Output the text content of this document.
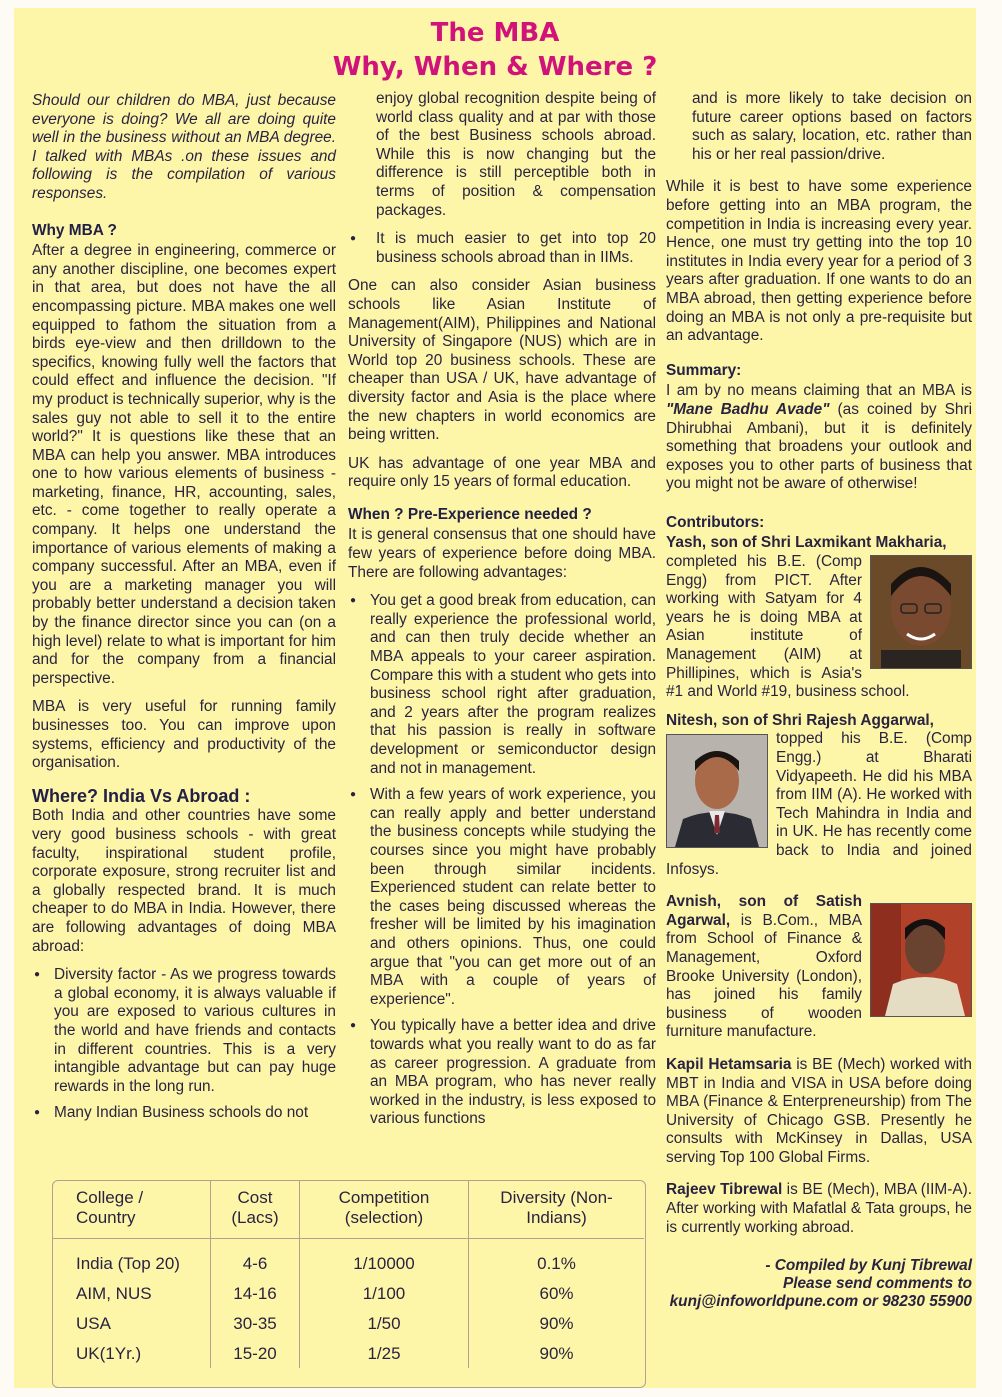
The MBA
Why, When & Where ?

Should our children do MBA, just because everyone is doing? We all are doing quite well in the business without an MBA degree. I talked with MBAs .on these issues and following is the compilation of various responses.

Why MBA ?

After a degree in engineering, commerce or any another discipline, one becomes expert in that area, but does not have the all encompassing picture. MBA makes one well equipped to fathom the situation from a birds eye-view and then drilldown to the specifics, knowing fully well the factors that could effect and influence the decision. "If my product is technically superior, why is the sales guy not able to sell it to the entire world?" It is questions like these that an MBA can help you answer. MBA introduces one to how various elements of business - marketing, finance, HR, accounting, sales, etc. - come together to really operate a company. It helps one understand the importance of various elements of making a company successful. After an MBA, even if you are a marketing manager you will probably better understand a decision taken by the finance director since you can (on a high level) relate to what is important for him and for the company from a financial perspective.

MBA is very useful for running family businesses too. You can improve upon systems, efficiency and productivity of the organisation.

Where? India Vs Abroad :

Both India and other countries have some very good business schools - with great faculty, inspirational student profile, corporate exposure, strong recruiter list and a globally respected brand. It is much cheaper to do MBA in India. However, there are following advantages of doing MBA abroad:

● Diversity factor - As we progress towards a global economy, it is always valuable if you are exposed to various cultures in the world and have friends and contacts in different countries. This is a very intangible advantage but can pay huge rewards in the long run.
● Many Indian Business schools do not

enjoy global recognition despite being of world class quality and at par with those of the best Business schools abroad. While this is now changing but the difference is still perceptible both in terms of position & compensation packages.

● It is much easier to get into top 20 business schools abroad than in IIMs.

One can also consider Asian business schools like Asian Institute of Management(AIM), Philippines and National University of Singapore (NUS) which are in World top 20 business schools. These are cheaper than USA / UK, have advantage of diversity factor and Asia is the place where the new chapters in world economics are being written.

UK has advantage of one year MBA and require only 15 years of formal education.

When ? Pre-Experience needed ?

It is general consensus that one should have few years of experience before doing MBA. There are following advantages:

● You get a good break from education, can really experience the professional world, and can then truly decide whether an MBA appeals to your career aspiration. Compare this with a student who gets into business school right after graduation, and 2 years after the program realizes that his passion is really in software development or semiconductor design and not in management.
● With a few years of work experience, you can really apply and better understand the business concepts while studying the courses since you might have probably been through similar incidents. Experienced student can relate better to the cases being discussed whereas the fresher will be limited by his imagination and others opinions. Thus, one could argue that "you can get more out of an MBA with a couple of years of experience".
● You typically have a better idea and drive towards what you really want to do as far as career progression. A graduate from an MBA program, who has never really worked in the industry, is less exposed to various functions

and is more likely to take decision on future career options based on factors such as salary, location, etc. rather than his or her real passion/drive.

While it is best to have some experience before getting into an MBA program, the competition in India is increasing every year. Hence, one must try getting into the top 10 institutes in India every year for a period of 3 years after graduation. If one wants to do an MBA abroad, then getting experience before doing an MBA is not only a pre-requisite but an advantage.

Summary:

I am by no means claiming that an MBA is "Mane Badhu Avade" (as coined by Shri Dhirubhai Ambani), but it is definitely something that broadens your outlook and exposes you to other parts of business that you might not be aware of otherwise!

Contributors:
Yash, son of Shri Laxmikant Makharia,

completed his B.E. (Comp Engg) from PICT. After working with Satyam for 4 years he is doing MBA at Asian institute of Management (AIM) at Phillipines, which is Asia's #1 and World #19, business school.

Nitesh, son of Shri Rajesh Aggarwal,

topped his B.E. (Comp Engg.) at Bharati Vidyapeeth. He did his MBA from IIM (A). He worked with Tech Mahindra in India and in UK. He has recently come back to India and joined Infosys.

Avnish, son of Satish Agarwal, is B.Com., MBA from School of Finance & Management, Oxford Brooke University (London), has joined his family business of wooden furniture manufacture.

Kapil Hetamsaria is BE (Mech) worked with MBT in India and VISA in USA before doing MBA (Finance & Enterpreneurship) from The University of Chicago GSB. Presently he consults with McKinsey in Dallas, USA serving Top 100 Global Firms.

Rajeev Tibrewal is BE (Mech), MBA (IIM-A). After working with Mafatlal & Tata groups, he is currently working abroad.

- Compiled by Kunj Tibrewal
Please send comments to
kunj@infoworldpune.com or 98230 55900
College / Country	Cost (Lacs)	Competition (selection)	Diversity (Non-Indians)
India (Top 20)	4-6	1/10000	0.1%
AIM, NUS	14-16	1/100	60%
USA	30-35	1/50	90%
UK(1Yr.)	15-20	1/25	90%
